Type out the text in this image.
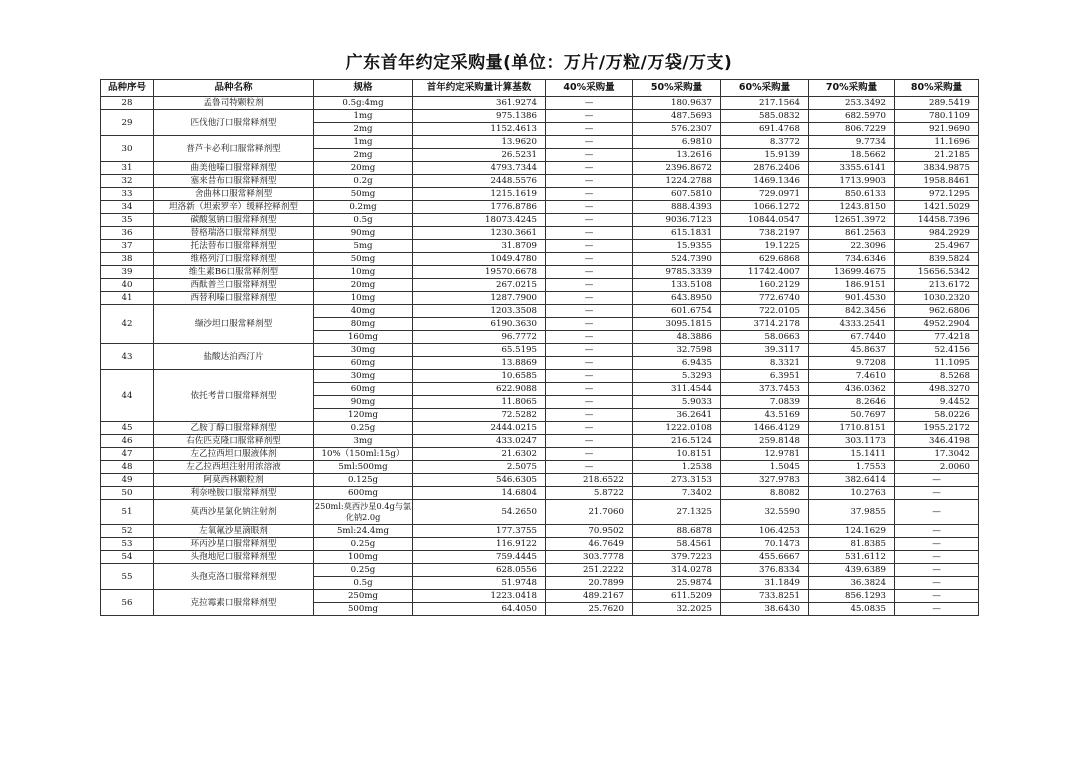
广东首年约定采购量(单位：万片/万粒/万袋/万支)
品种序号	品种名称	规格	首年约定采购量计算基数	40%采购量	50%采购量	60%采购量	70%采购量	80%采购量
28	孟鲁司特颗粒剂	0.5g:4mg	361.9274	—	180.9637	217.1564	253.3492	289.5419
29	匹伐他汀口服常释剂型	1mg	975.1386	—	487.5693	585.0832	682.5970	780.1109
		2mg	1152.4613	—	576.2307	691.4768	806.7229	921.9690
30	普芦卡必利口服常释剂型	1mg	13.9620	—	6.9810	8.3772	9.7734	11.1696
		2mg	26.5231	—	13.2616	15.9139	18.5662	21.2185
31	曲美他嗪口服常释剂型	20mg	4793.7344	—	2396.8672	2876.2406	3355.6141	3834.9875
32	塞来昔布口服常释剂型	0.2g	2448.5576	—	1224.2788	1469.1346	1713.9903	1958.8461
33	舍曲林口服常释剂型	50mg	1215.1619	—	607.5810	729.0971	850.6133	972.1295
34	坦洛新（坦索罗辛）缓释控释剂型	0.2mg	1776.8786	—	888.4393	1066.1272	1243.8150	1421.5029
35	碳酸氢钠口服常释剂型	0.5g	18073.4245	—	9036.7123	10844.0547	12651.3972	14458.7396
36	替格瑞洛口服常释剂型	90mg	1230.3661	—	615.1831	738.2197	861.2563	984.2929
37	托法替布口服常释剂型	5mg	31.8709	—	15.9355	19.1225	22.3096	25.4967
38	维格列汀口服常释剂型	50mg	1049.4780	—	524.7390	629.6868	734.6346	839.5824
39	维生素B6口服常释剂型	10mg	19570.6678	—	9785.3339	11742.4007	13699.4675	15656.5342
40	西酞普兰口服常释剂型	20mg	267.0215	—	133.5108	160.2129	186.9151	213.6172
41	西替利嗪口服常释剂型	10mg	1287.7900	—	643.8950	772.6740	901.4530	1030.2320
42	缬沙坦口服常释剂型	40mg	1203.3508	—	601.6754	722.0105	842.3456	962.6806
		80mg	6190.3630	—	3095.1815	3714.2178	4333.2541	4952.2904
		160mg	96.7772	—	48.3886	58.0663	67.7440	77.4218
43	盐酸达泊西汀片	30mg	65.5195	—	32.7598	39.3117	45.8637	52.4156
		60mg	13.8869	—	6.9435	8.3321	9.7208	11.1095
44	依托考昔口服常释剂型	30mg	10.6585	—	5.3293	6.3951	7.4610	8.5268
		60mg	622.9088	—	311.4544	373.7453	436.0362	498.3270
		90mg	11.8065	—	5.9033	7.0839	8.2646	9.4452
		120mg	72.5282	—	36.2641	43.5169	50.7697	58.0226
45	乙胺丁醇口服常释剂型	0.25g	2444.0215	—	1222.0108	1466.4129	1710.8151	1955.2172
46	右佐匹克隆口服常释剂型	3mg	433.0247	—	216.5124	259.8148	303.1173	346.4198
47	左乙拉西坦口服液体剂	10%（150ml:15g）	21.6302	—	10.8151	12.9781	15.1411	17.3042
48	左乙拉西坦注射用浓溶液	5ml:500mg	2.5075	—	1.2538	1.5045	1.7553	2.0060
49	阿莫西林颗粒剂	0.125g	546.6305	218.6522	273.3153	327.9783	382.6414	—
50	利奈唑胺口服常释剂型	600mg	14.6804	5.8722	7.3402	8.8082	10.2763	—
51	莫西沙星氯化钠注射剂	250ml:莫西沙星0.4g与氯化钠2.0g	54.2650	21.7060	27.1325	32.5590	37.9855	—
52	左氧氟沙星滴眼剂	5ml:24.4mg	177.3755	70.9502	88.6878	106.4253	124.1629	—
53	环丙沙星口服常释剂型	0.25g	116.9122	46.7649	58.4561	70.1473	81.8385	—
54	头孢地尼口服常释剂型	100mg	759.4445	303.7778	379.7223	455.6667	531.6112	—
55	头孢克洛口服常释剂型	0.25g	628.0556	251.2222	314.0278	376.8334	439.6389	—
		0.5g	51.9748	20.7899	25.9874	31.1849	36.3824	—
56	克拉霉素口服常释剂型	250mg	1223.0418	489.2167	611.5209	733.8251	856.1293	—
		500mg	64.4050	25.7620	32.2025	38.6430	45.0835	—
